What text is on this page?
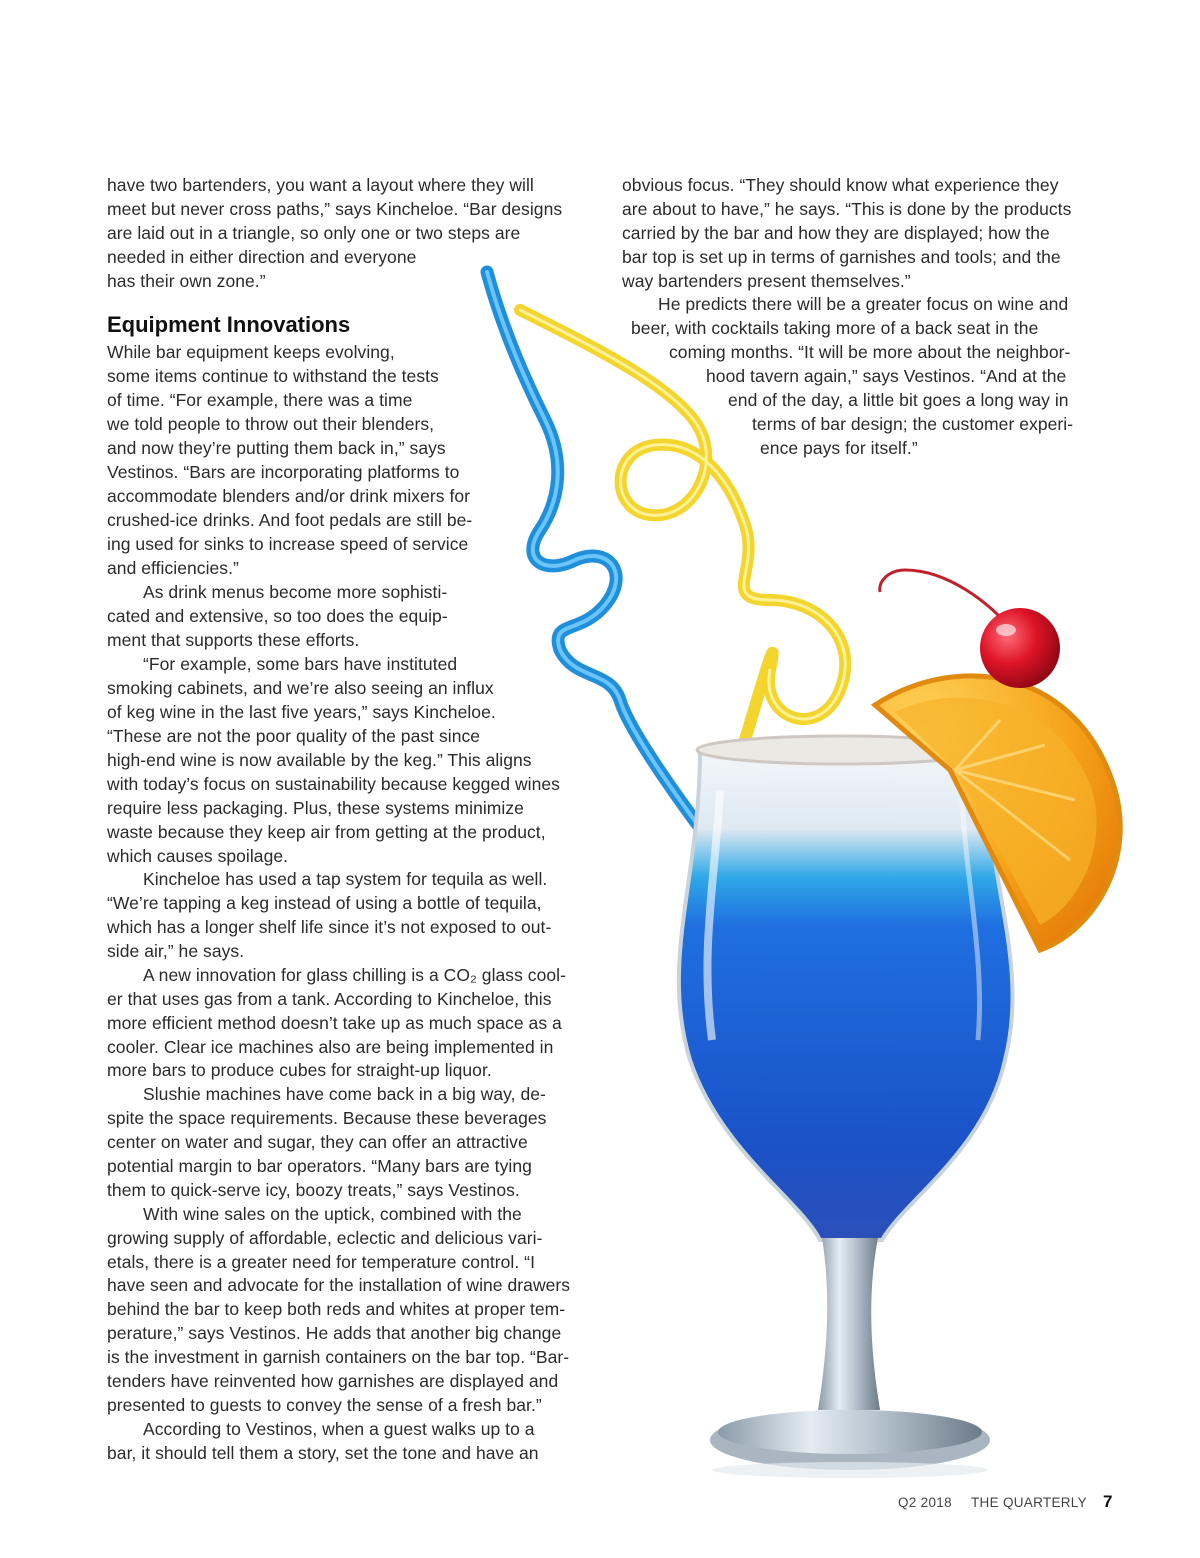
have two bartenders, you want a layout where they will
meet but never cross paths,” says Kincheloe. “Bar designs
are laid out in a triangle, so only one or two steps are
needed in either direction and everyone
has their own zone.”
Equipment Innovations
While bar equipment keeps evolving,
some items continue to withstand the tests
of time. “For example, there was a time
we told people to throw out their blenders,
and now they’re putting them back in,” says
Vestinos. “Bars are incorporating platforms to
accommodate blenders and/or drink mixers for
crushed-ice drinks. And foot pedals are still be-
ing used for sinks to increase speed of service
and efficiencies.”
As drink menus become more sophisti-
cated and extensive, so too does the equip-
ment that supports these efforts.
“For example, some bars have instituted
smoking cabinets, and we’re also seeing an influx
of keg wine in the last five years,” says Kincheloe.
“These are not the poor quality of the past since
high-end wine is now available by the keg.” This aligns
with today’s focus on sustainability because kegged wines
require less packaging. Plus, these systems minimize
waste because they keep air from getting at the product,
which causes spoilage.
Kincheloe has used a tap system for tequila as well.
“We’re tapping a keg instead of using a bottle of tequila,
which has a longer shelf life since it’s not exposed to out-
side air,” he says.
A new innovation for glass chilling is a CO₂ glass cool-
er that uses gas from a tank. According to Kincheloe, this
more efficient method doesn’t take up as much space as a
cooler. Clear ice machines also are being implemented in
more bars to produce cubes for straight-up liquor.
Slushie machines have come back in a big way, de-
spite the space requirements. Because these beverages
center on water and sugar, they can offer an attractive
potential margin to bar operators. “Many bars are tying
them to quick-serve icy, boozy treats,” says Vestinos.
With wine sales on the uptick, combined with the
growing supply of affordable, eclectic and delicious vari-
etals, there is a greater need for temperature control. “I
have seen and advocate for the installation of wine drawers
behind the bar to keep both reds and whites at proper tem-
perature,” says Vestinos. He adds that another big change
is the investment in garnish containers on the bar top. “Bar-
tenders have reinvented how garnishes are displayed and
presented to guests to convey the sense of a fresh bar.”
According to Vestinos, when a guest walks up to a
bar, it should tell them a story, set the tone and have an
obvious focus. “They should know what experience they
are about to have,” he says. “This is done by the products
carried by the bar and how they are displayed; how the
bar top is set up in terms of garnishes and tools; and the
way bartenders present themselves.”
He predicts there will be a greater focus on wine and
beer, with cocktails taking more of a back seat in the
coming months. “It will be more about the neighbor-
hood tavern again,” says Vestinos. “And at the
end of the day, a little bit goes a long way in
terms of bar design; the customer experi-
ence pays for itself.”
Q2 2018 THE QUARTERLY 7
